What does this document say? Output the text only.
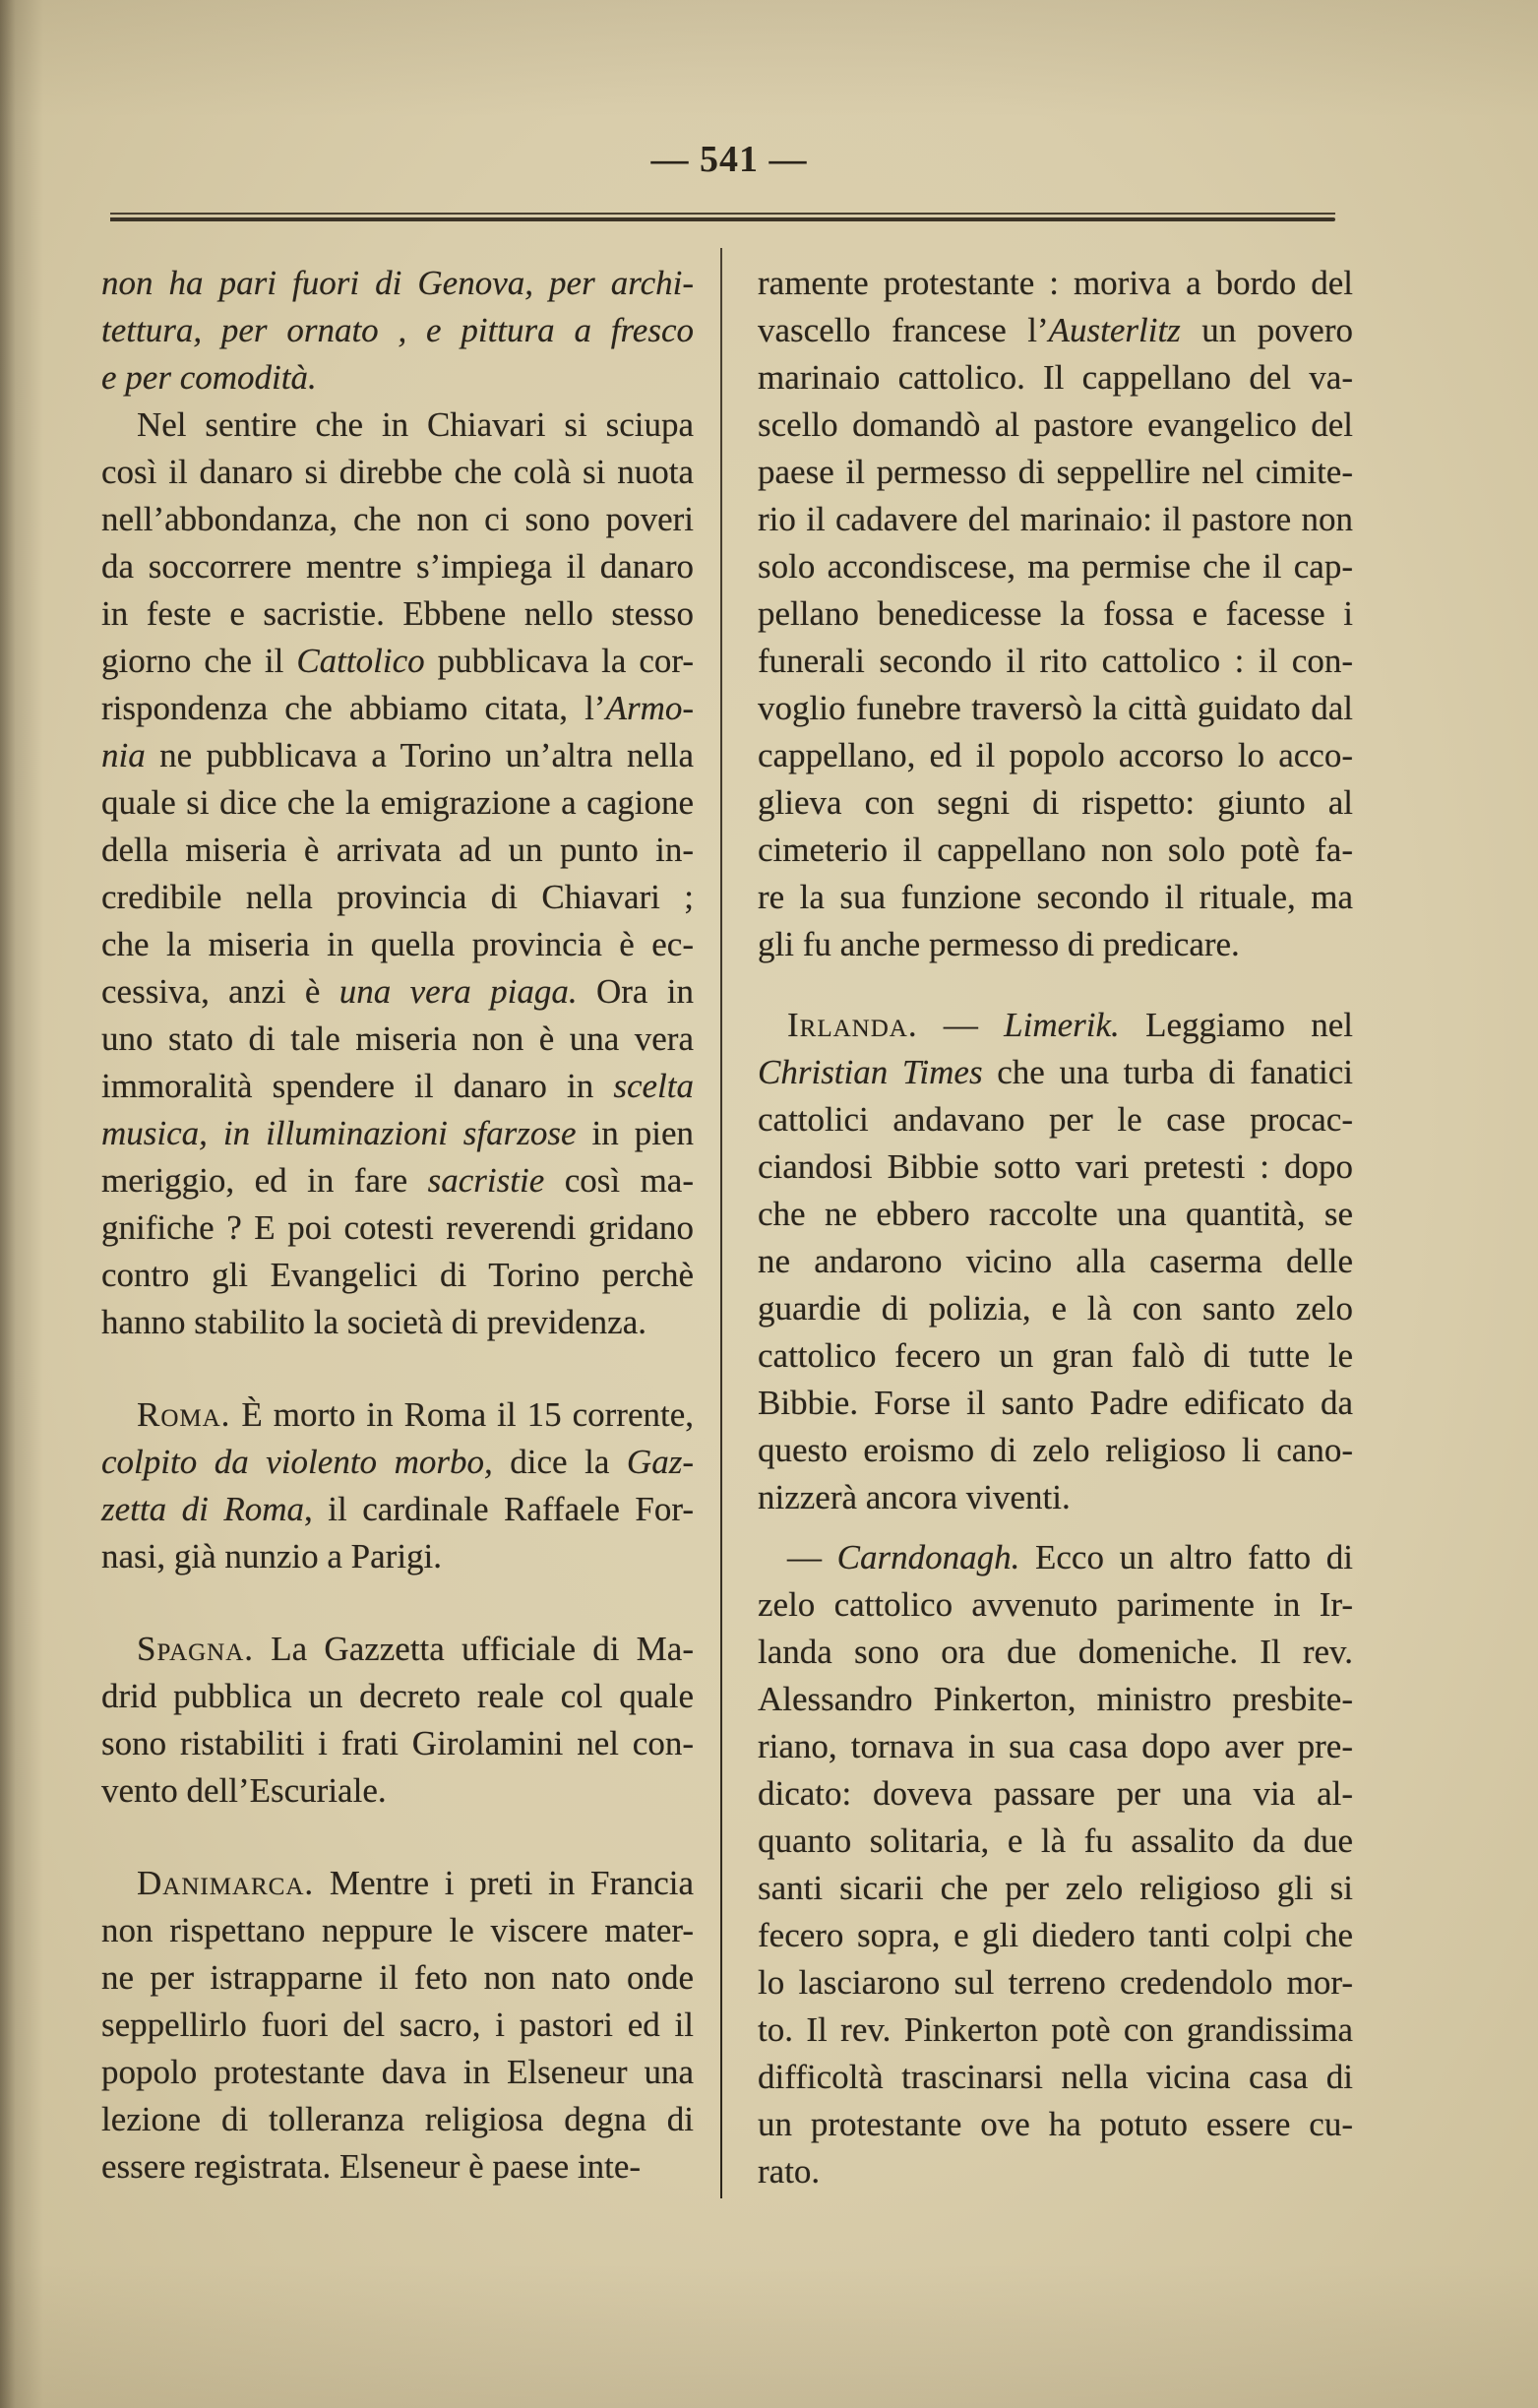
— 541 —
non ha pari fuori di Genova, per archi-
tettura, per ornato , e pittura a fresco
e per comodità.
Nel sentire che in Chiavari si sciupa
così il danaro si direbbe che colà si nuota
nell’abbondanza, che non ci sono poveri
da soccorrere mentre s’impiega il danaro
in feste e sacristie. Ebbene nello stesso
giorno che il Cattolico pubblicava la cor-
rispondenza che abbiamo citata, l’Armo-
nia ne pubblicava a Torino un’altra nella
quale si dice che la emigrazione a cagione
della miseria è arrivata ad un punto in-
credibile nella provincia di Chiavari ;
che la miseria in quella provincia è ec-
cessiva, anzi è una vera piaga. Ora in
uno stato di tale miseria non è una vera
immoralità spendere il danaro in scelta
musica, in illuminazioni sfarzose in pien
meriggio, ed in fare sacristie così ma-
gnifiche ? E poi cotesti reverendi gridano
contro gli Evangelici di Torino perchè
hanno stabilito la società di previdenza.
Roma. È morto in Roma il 15 corrente,
colpito da violento morbo, dice la Gaz-
zetta di Roma, il cardinale Raffaele For-
nasi, già nunzio a Parigi.
Spagna. La Gazzetta ufficiale di Ma-
drid pubblica un decreto reale col quale
sono ristabiliti i frati Girolamini nel con-
vento dell’Escuriale.
Danimarca. Mentre i preti in Francia
non rispettano neppure le viscere mater-
ne per istrapparne il feto non nato onde
seppellirlo fuori del sacro, i pastori ed il
popolo protestante dava in Elseneur una
lezione di tolleranza religiosa degna di
essere registrata. Elseneur è paese inte-
ramente protestante : moriva a bordo del
vascello francese l’Austerlitz un povero
marinaio cattolico. Il cappellano del va-
scello domandò al pastore evangelico del
paese il permesso di seppellire nel cimite-
rio il cadavere del marinaio: il pastore non
solo accondiscese, ma permise che il cap-
pellano benedicesse la fossa e facesse i
funerali secondo il rito cattolico : il con-
voglio funebre traversò la città guidato dal
cappellano, ed il popolo accorso lo acco-
glieva con segni di rispetto: giunto al
cimeterio il cappellano non solo potè fa-
re la sua funzione secondo il rituale, ma
gli fu anche permesso di predicare.
Irlanda. — Limerik. Leggiamo nel
Christian Times che una turba di fanatici
cattolici andavano per le case procac-
ciandosi Bibbie sotto vari pretesti : dopo
che ne ebbero raccolte una quantità, se
ne andarono vicino alla caserma delle
guardie di polizia, e là con santo zelo
cattolico fecero un gran falò di tutte le
Bibbie. Forse il santo Padre edificato da
questo eroismo di zelo religioso li cano-
nizzerà ancora viventi.
— Carndonagh. Ecco un altro fatto di
zelo cattolico avvenuto parimente in Ir-
landa sono ora due domeniche. Il rev.
Alessandro Pinkerton, ministro presbite-
riano, tornava in sua casa dopo aver pre-
dicato: doveva passare per una via al-
quanto solitaria, e là fu assalito da due
santi sicarii che per zelo religioso gli si
fecero sopra, e gli diedero tanti colpi che
lo lasciarono sul terreno credendolo mor-
to. Il rev. Pinkerton potè con grandissima
difficoltà trascinarsi nella vicina casa di
un protestante ove ha potuto essere cu-
rato.
